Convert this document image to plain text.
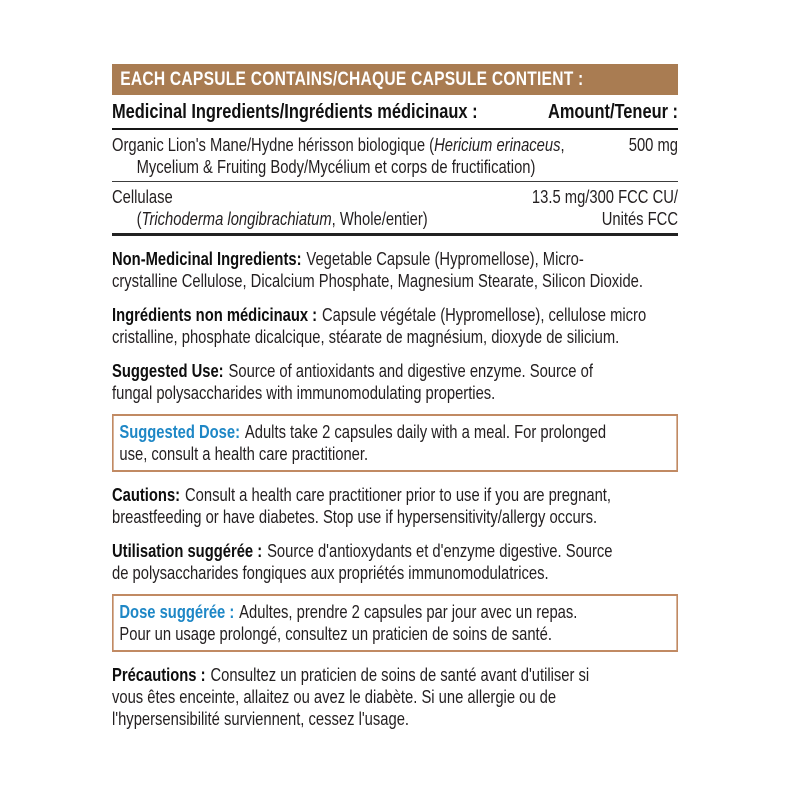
EACH CAPSULE CONTAINS/CHAQUE CAPSULE CONTIENT :
Medicinal Ingredients/Ingrédients médicinaux :	Amount/Teneur :
Organic Lion's Mane/Hydne hérisson biologique (Hericium erinaceus,
Mycelium & Fruiting Body/Mycélium et corps de fructification)
500 mg
Cellulase
(Trichoderma longibrachiatum, Whole/entier)
13.5 mg/300 FCC CU/
Unités FCC
Non-Medicinal Ingredients: Vegetable Capsule (Hypromellose), Micro-
crystalline Cellulose, Dicalcium Phosphate, Magnesium Stearate, Silicon Dioxide.
Ingrédients non médicinaux : Capsule végétale (Hypromellose), cellulose micro
cristalline, phosphate dicalcique, stéarate de magnésium, dioxyde de silicium.
Suggested Use: Source of antioxidants and digestive enzyme. Source of
fungal polysaccharides with immunomodulating properties.
Suggested Dose: Adults take 2 capsules daily with a meal. For prolonged
use, consult a health care practitioner.
Cautions: Consult a health care practitioner prior to use if you are pregnant,
breastfeeding or have diabetes. Stop use if hypersensitivity/allergy occurs.
Utilisation suggérée : Source d'antioxydants et d'enzyme digestive. Source
de polysaccharides fongiques aux propriétés immunomodulatrices.
Dose suggérée : Adultes, prendre 2 capsules par jour avec un repas.
Pour un usage prolongé, consultez un praticien de soins de santé.
Précautions : Consultez un praticien de soins de santé avant d'utiliser si
vous êtes enceinte, allaitez ou avez le diabète. Si une allergie ou de
l'hypersensibilité surviennent, cessez l'usage.
